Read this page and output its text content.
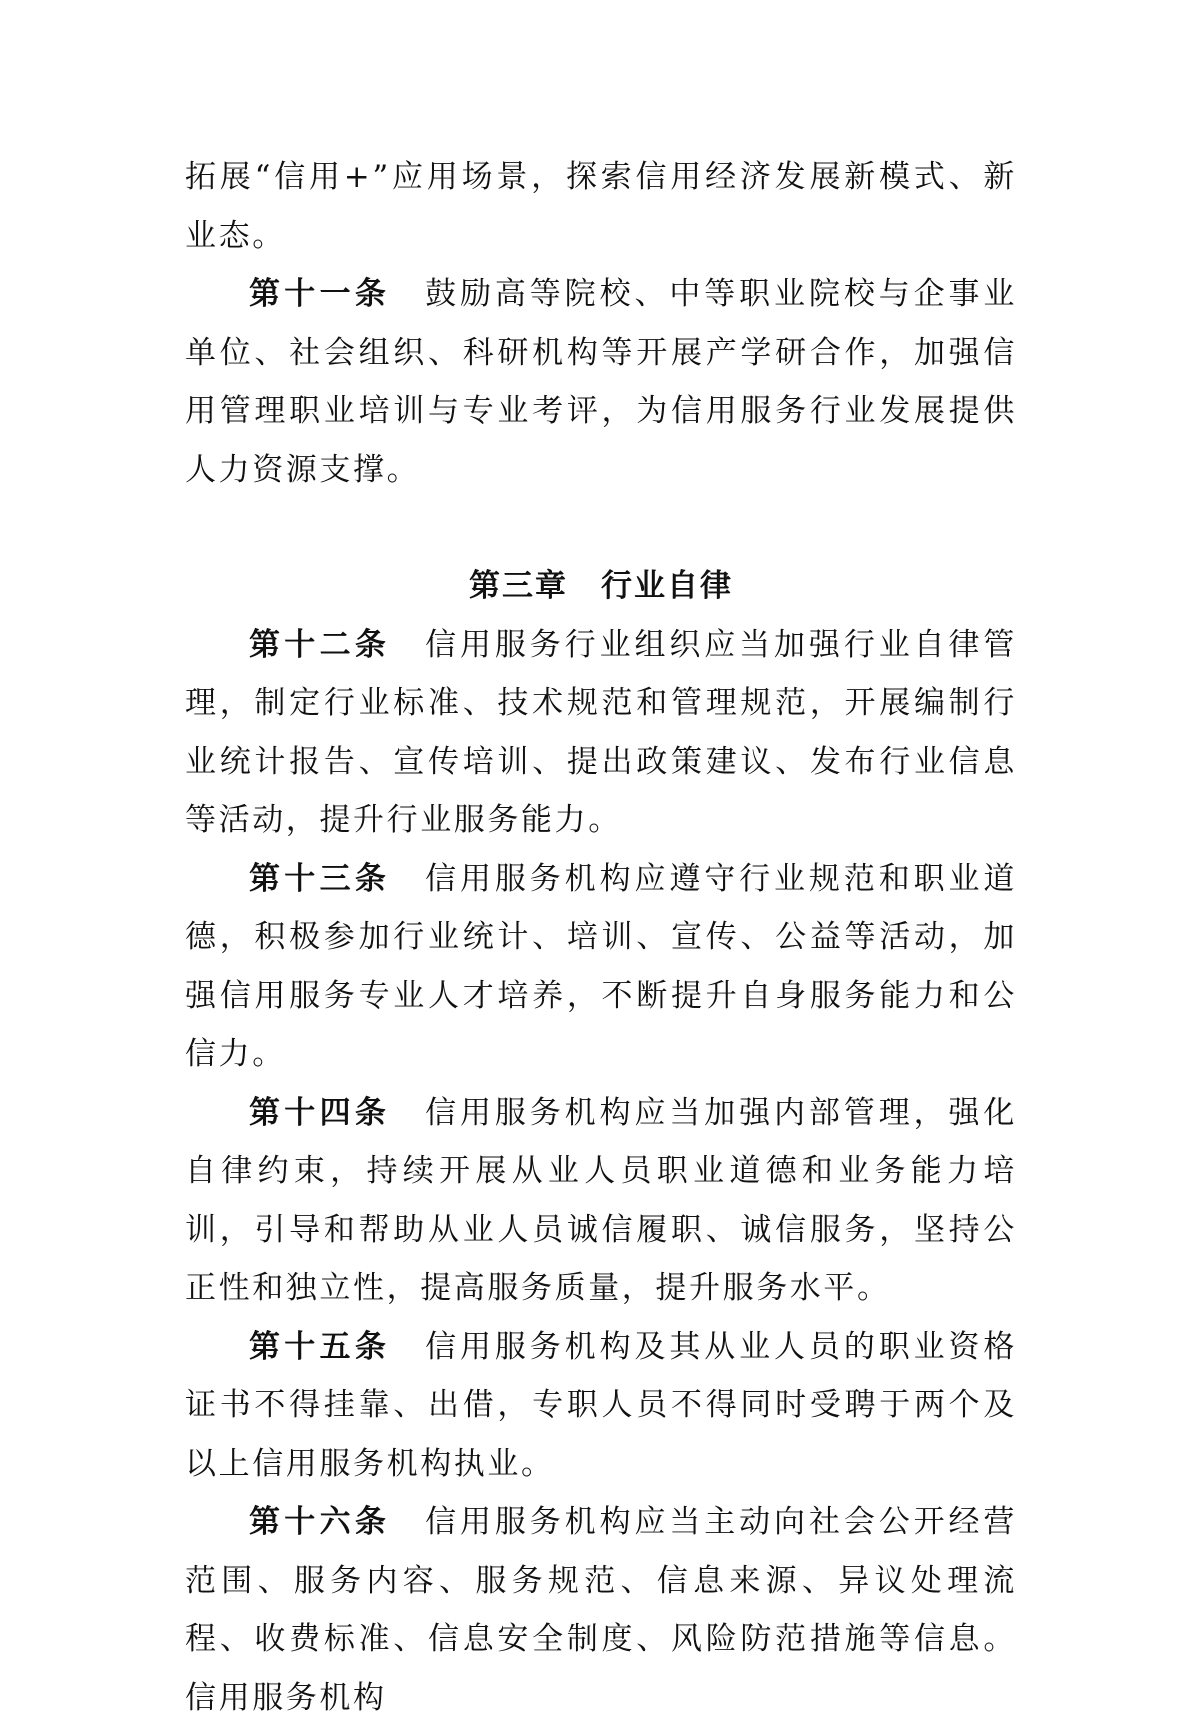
拓展“信用+”应用场景，探索信用经济发展新模式、新业态。

第十一条　 鼓励高等院校、中等职业院校与企事业单位、社会组织、科研机构等开展产学研合作，加强信用管理职业培训与专业考评，为信用服务行业发展提供人力资源支撑。

第三章　 行业自律

第十二条　 信用服务行业组织应当加强行业自律管理，制定行业标准、技术规范和管理规范，开展编制行业统计报告、宣传培训、提出政策建议、发布行业信息等活动，提升行业服务能力。

第十三条　 信用服务机构应遵守行业规范和职业道德，积极参加行业统计、培训、宣传、公益等活动，加强信用服务专业人才培养，不断提升自身服务能力和公信力。

第十四条　 信用服务机构应当加强内部管理，强化自律约束，持续开展从业人员职业道德和业务能力培训，引导和帮助从业人员诚信履职、诚信服务，坚持公正性和独立性，提高服务质量，提升服务水平。

第十五条　 信用服务机构及其从业人员的职业资格证书不得挂靠、出借，专职人员不得同时受聘于两个及以上信用服务机构执业。

第十六条　 信用服务机构应当主动向社会公开经营范围、服务内容、服务规范、信息来源、异议处理流程、收费标准、信息安全制度、风险防范措施等信息。信用服务机构
